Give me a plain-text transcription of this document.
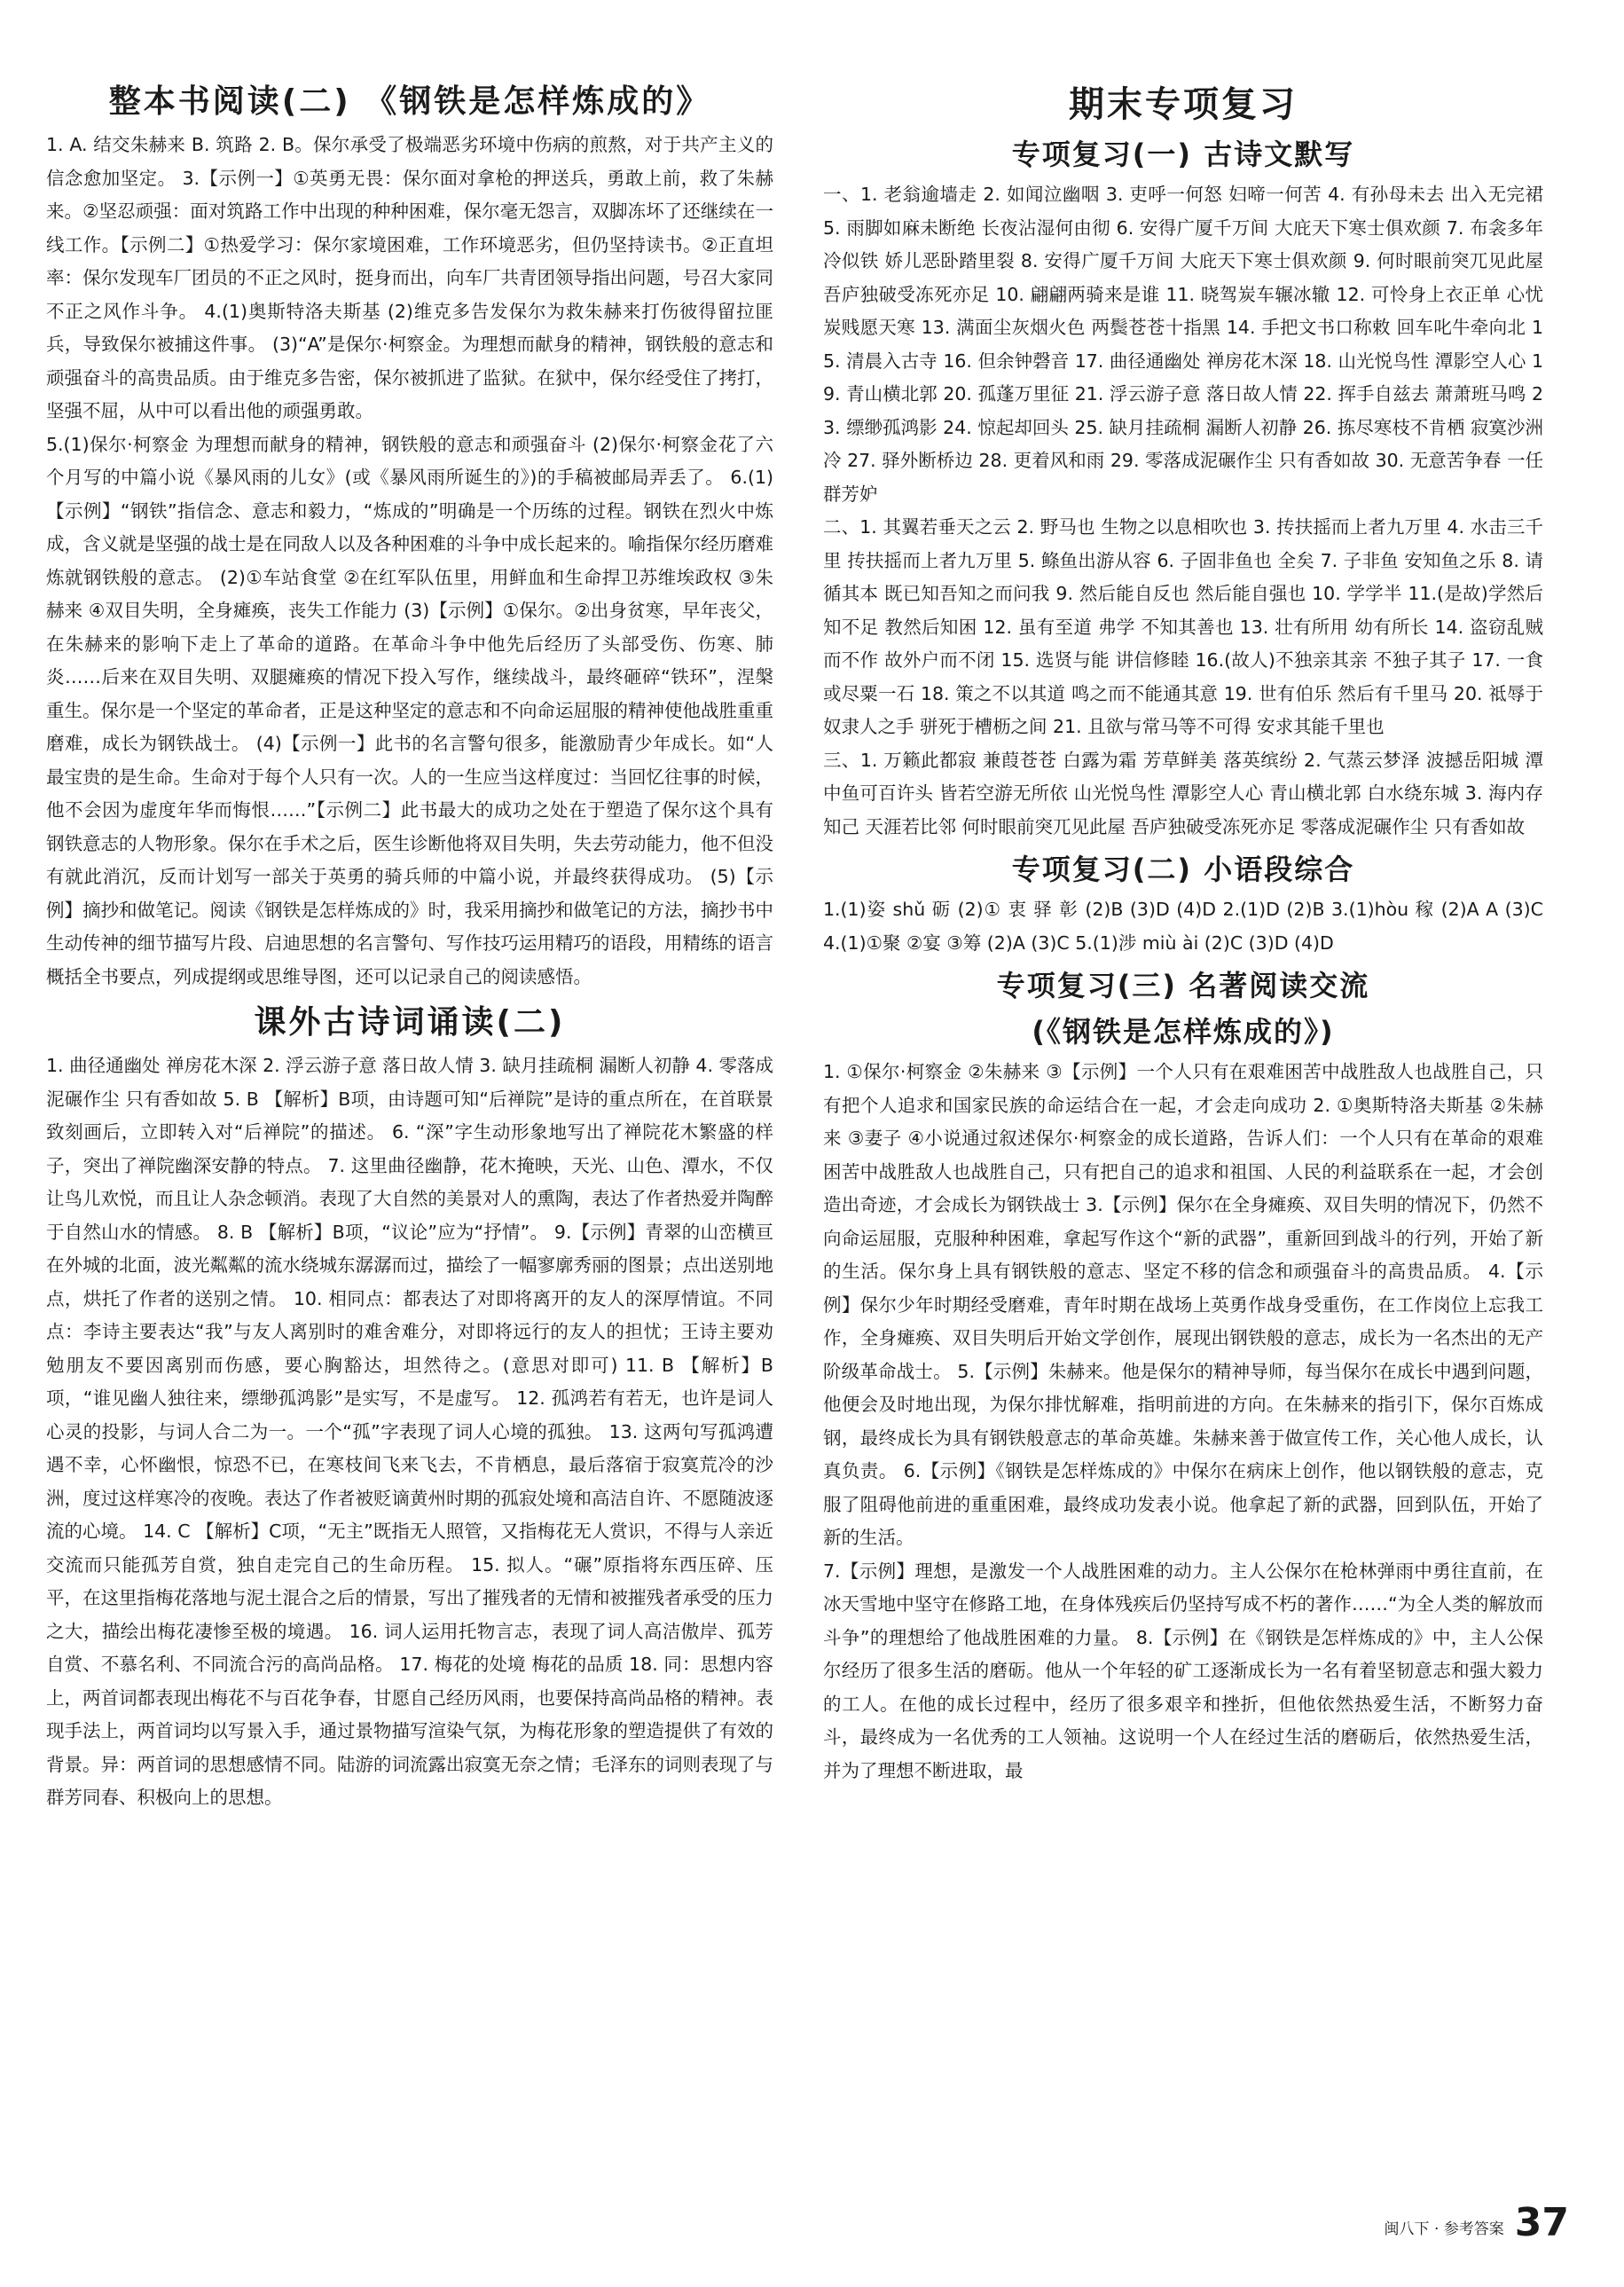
整本书阅读(二) 《钢铁是怎样炼成的》

1. A. 结交朱赫来 B. 筑路 2. B。保尔承受了极端恶劣环境中伤病的煎熬，对于共产主义的信念愈加坚定。 3.【示例一】①英勇无畏：保尔面对拿枪的押送兵，勇敢上前，救了朱赫来。②坚忍顽强：面对筑路工作中出现的种种困难，保尔毫无怨言，双脚冻坏了还继续在一线工作。【示例二】①热爱学习：保尔家境困难，工作环境恶劣，但仍坚持读书。②正直坦率：保尔发现车厂团员的不正之风时，挺身而出，向车厂共青团领导指出问题，号召大家同不正之风作斗争。 4.(1)奥斯特洛夫斯基 (2)维克多告发保尔为救朱赫来打伤彼得留拉匪兵，导致保尔被捕这件事。 (3)“A”是保尔·柯察金。为理想而献身的精神，钢铁般的意志和顽强奋斗的高贵品质。由于维克多告密，保尔被抓进了监狱。在狱中，保尔经受住了拷打，坚强不屈，从中可以看出他的顽强勇敢。

5.(1)保尔·柯察金 为理想而献身的精神，钢铁般的意志和顽强奋斗 (2)保尔·柯察金花了六个月写的中篇小说《暴风雨的儿女》(或《暴风雨所诞生的》)的手稿被邮局弄丢了。 6.(1)【示例】“钢铁”指信念、意志和毅力，“炼成的”明确是一个历练的过程。钢铁在烈火中炼成，含义就是坚强的战士是在同敌人以及各种困难的斗争中成长起来的。喻指保尔经历磨难炼就钢铁般的意志。 (2)①车站食堂 ②在红军队伍里，用鲜血和生命捍卫苏维埃政权 ③朱赫来 ④双目失明，全身瘫痪，丧失工作能力 (3)【示例】①保尔。②出身贫寒，早年丧父，在朱赫来的影响下走上了革命的道路。在革命斗争中他先后经历了头部受伤、伤寒、肺炎……后来在双目失明、双腿瘫痪的情况下投入写作，继续战斗，最终砸碎“铁环”，涅槃重生。保尔是一个坚定的革命者，正是这种坚定的意志和不向命运屈服的精神使他战胜重重磨难，成长为钢铁战士。 (4)【示例一】此书的名言警句很多，能激励青少年成长。如“人最宝贵的是生命。生命对于每个人只有一次。人的一生应当这样度过：当回忆往事的时候，他不会因为虚度年华而悔恨……”【示例二】此书最大的成功之处在于塑造了保尔这个具有钢铁意志的人物形象。保尔在手术之后，医生诊断他将双目失明，失去劳动能力，他不但没有就此消沉，反而计划写一部关于英勇的骑兵师的中篇小说，并最终获得成功。 (5)【示例】摘抄和做笔记。阅读《钢铁是怎样炼成的》时，我采用摘抄和做笔记的方法，摘抄书中生动传神的细节描写片段、启迪思想的名言警句、写作技巧运用精巧的语段，用精练的语言概括全书要点，列成提纲或思维导图，还可以记录自己的阅读感悟。

课外古诗词诵读(二)

1. 曲径通幽处 禅房花木深 2. 浮云游子意 落日故人情 3. 缺月挂疏桐 漏断人初静 4. 零落成泥碾作尘 只有香如故 5. B 【解析】B项，由诗题可知“后禅院”是诗的重点所在，在首联景致刻画后，立即转入对“后禅院”的描述。 6. “深”字生动形象地写出了禅院花木繁盛的样子，突出了禅院幽深安静的特点。 7. 这里曲径幽静，花木掩映，天光、山色、潭水，不仅让鸟儿欢悦，而且让人杂念顿消。表现了大自然的美景对人的熏陶，表达了作者热爱并陶醉于自然山水的情感。 8. B 【解析】B项，“议论”应为“抒情”。 9.【示例】青翠的山峦横亘在外城的北面，波光粼粼的流水绕城东潺潺而过，描绘了一幅寥廓秀丽的图景；点出送别地点，烘托了作者的送别之情。 10. 相同点：都表达了对即将离开的友人的深厚情谊。不同点：李诗主要表达“我”与友人离别时的难舍难分，对即将远行的友人的担忧；王诗主要劝勉朋友不要因离别而伤感，要心胸豁达，坦然待之。(意思对即可) 11. B 【解析】B项，“谁见幽人独往来，缥缈孤鸿影”是实写，不是虚写。 12. 孤鸿若有若无，也许是词人心灵的投影，与词人合二为一。一个“孤”字表现了词人心境的孤独。 13. 这两句写孤鸿遭遇不幸，心怀幽恨，惊恐不已，在寒枝间飞来飞去，不肯栖息，最后落宿于寂寞荒冷的沙洲，度过这样寒冷的夜晚。表达了作者被贬谪黄州时期的孤寂处境和高洁自许、不愿随波逐流的心境。 14. C 【解析】C项，“无主”既指无人照管，又指梅花无人赏识，不得与人亲近交流而只能孤芳自赏，独自走完自己的生命历程。 15. 拟人。“碾”原指将东西压碎、压平，在这里指梅花落地与泥土混合之后的情景，写出了摧残者的无情和被摧残者承受的压力之大，描绘出梅花凄惨至极的境遇。 16. 词人运用托物言志，表现了词人高洁傲岸、孤芳自赏、不慕名利、不同流合污的高尚品格。 17. 梅花的处境 梅花的品质 18. 同：思想内容上，两首词都表现出梅花不与百花争春，甘愿自己经历风雨，也要保持高尚品格的精神。表现手法上，两首词均以写景入手，通过景物描写渲染气氛，为梅花形象的塑造提供了有效的背景。异：两首词的思想感情不同。陆游的词流露出寂寞无奈之情；毛泽东的词则表现了与群芳同春、积极向上的思想。

期末专项复习
专项复习(一) 古诗文默写

一、1. 老翁逾墙走 2. 如闻泣幽咽 3. 吏呼一何怒 妇啼一何苦 4. 有孙母未去 出入无完裙 5. 雨脚如麻未断绝 长夜沾湿何由彻 6. 安得广厦千万间 大庇天下寒士俱欢颜 7. 布衾多年冷似铁 娇儿恶卧踏里裂 8. 安得广厦千万间 大庇天下寒士俱欢颜 9. 何时眼前突兀见此屋 吾庐独破受冻死亦足 10. 翩翩两骑来是谁 11. 晓驾炭车辗冰辙 12. 可怜身上衣正单 心忧炭贱愿天寒 13. 满面尘灰烟火色 两鬓苍苍十指黑 14. 手把文书口称敕 回车叱牛牵向北 15. 清晨入古寺 16. 但余钟磬音 17. 曲径通幽处 禅房花木深 18. 山光悦鸟性 潭影空人心 19. 青山横北郭 20. 孤蓬万里征 21. 浮云游子意 落日故人情 22. 挥手自兹去 萧萧班马鸣 23. 缥缈孤鸿影 24. 惊起却回头 25. 缺月挂疏桐 漏断人初静 26. 拣尽寒枝不肯栖 寂寞沙洲冷 27. 驿外断桥边 28. 更着风和雨 29. 零落成泥碾作尘 只有香如故 30. 无意苦争春 一任群芳妒

二、1. 其翼若垂天之云 2. 野马也 生物之以息相吹也 3. 抟扶摇而上者九万里 4. 水击三千里 抟扶摇而上者九万里 5. 鲦鱼出游从容 6. 子固非鱼也 全矣 7. 子非鱼 安知鱼之乐 8. 请循其本 既已知吾知之而问我 9. 然后能自反也 然后能自强也 10. 学学半 11.(是故)学然后知不足 教然后知困 12. 虽有至道 弗学 不知其善也 13. 壮有所用 幼有所长 14. 盗窃乱贼而不作 故外户而不闭 15. 选贤与能 讲信修睦 16.(故人)不独亲其亲 不独子其子 17. 一食或尽粟一石 18. 策之不以其道 鸣之而不能通其意 19. 世有伯乐 然后有千里马 20. 祗辱于奴隶人之手 骈死于槽枥之间 21. 且欲与常马等不可得 安求其能千里也

三、1. 万籁此都寂 兼葭苍苍 白露为霜 芳草鲜美 落英缤纷 2. 气蒸云梦泽 波撼岳阳城 潭中鱼可百许头 皆若空游无所依 山光悦鸟性 潭影空人心 青山横北郭 白水绕东城 3. 海内存知己 天涯若比邻 何时眼前突兀见此屋 吾庐独破受冻死亦足 零落成泥碾作尘 只有香如故

专项复习(二) 小语段综合

1.(1)姿 shǔ 砺 (2)① 衷 驿 彰 (2)B (3)D (4)D 2.(1)D (2)B 3.(1)hòu 稼 (2)A A (3)C 4.(1)①聚 ②宴 ③筹 (2)A (3)C 5.(1)涉 miù ài (2)C (3)D (4)D

专项复习(三) 名著阅读交流
(《钢铁是怎样炼成的》)

1. ①保尔·柯察金 ②朱赫来 ③【示例】一个人只有在艰难困苦中战胜敌人也战胜自己，只有把个人追求和国家民族的命运结合在一起，才会走向成功 2. ①奥斯特洛夫斯基 ②朱赫来 ③妻子 ④小说通过叙述保尔·柯察金的成长道路，告诉人们：一个人只有在革命的艰难困苦中战胜敌人也战胜自己，只有把自己的追求和祖国、人民的利益联系在一起，才会创造出奇迹，才会成长为钢铁战士 3.【示例】保尔在全身瘫痪、双目失明的情况下，仍然不向命运屈服，克服种种困难，拿起写作这个“新的武器”，重新回到战斗的行列，开始了新的生活。保尔身上具有钢铁般的意志、坚定不移的信念和顽强奋斗的高贵品质。 4.【示例】保尔少年时期经受磨难，青年时期在战场上英勇作战身受重伤，在工作岗位上忘我工作，全身瘫痪、双目失明后开始文学创作，展现出钢铁般的意志，成长为一名杰出的无产阶级革命战士。 5.【示例】朱赫来。他是保尔的精神导师，每当保尔在成长中遇到问题，他便会及时地出现，为保尔排忧解难，指明前进的方向。在朱赫来的指引下，保尔百炼成钢，最终成长为具有钢铁般意志的革命英雄。朱赫来善于做宣传工作，关心他人成长，认真负责。 6.【示例】《钢铁是怎样炼成的》中保尔在病床上创作，他以钢铁般的意志，克服了阻碍他前进的重重困难，最终成功发表小说。他拿起了新的武器，回到队伍，开始了新的生活。

7.【示例】理想，是激发一个人战胜困难的动力。主人公保尔在枪林弹雨中勇往直前，在冰天雪地中坚守在修路工地，在身体残疾后仍坚持写成不朽的著作……“为全人类的解放而斗争”的理想给了他战胜困难的力量。 8.【示例】在《钢铁是怎样炼成的》中，主人公保尔经历了很多生活的磨砺。他从一个年轻的矿工逐渐成长为一名有着坚韧意志和强大毅力的工人。在他的成长过程中，经历了很多艰辛和挫折，但他依然热爱生活，不断努力奋斗，最终成为一名优秀的工人领袖。这说明一个人在经过生活的磨砺后，依然热爱生活，并为了理想不断进取，最

闽八下 · 参考答案 37
